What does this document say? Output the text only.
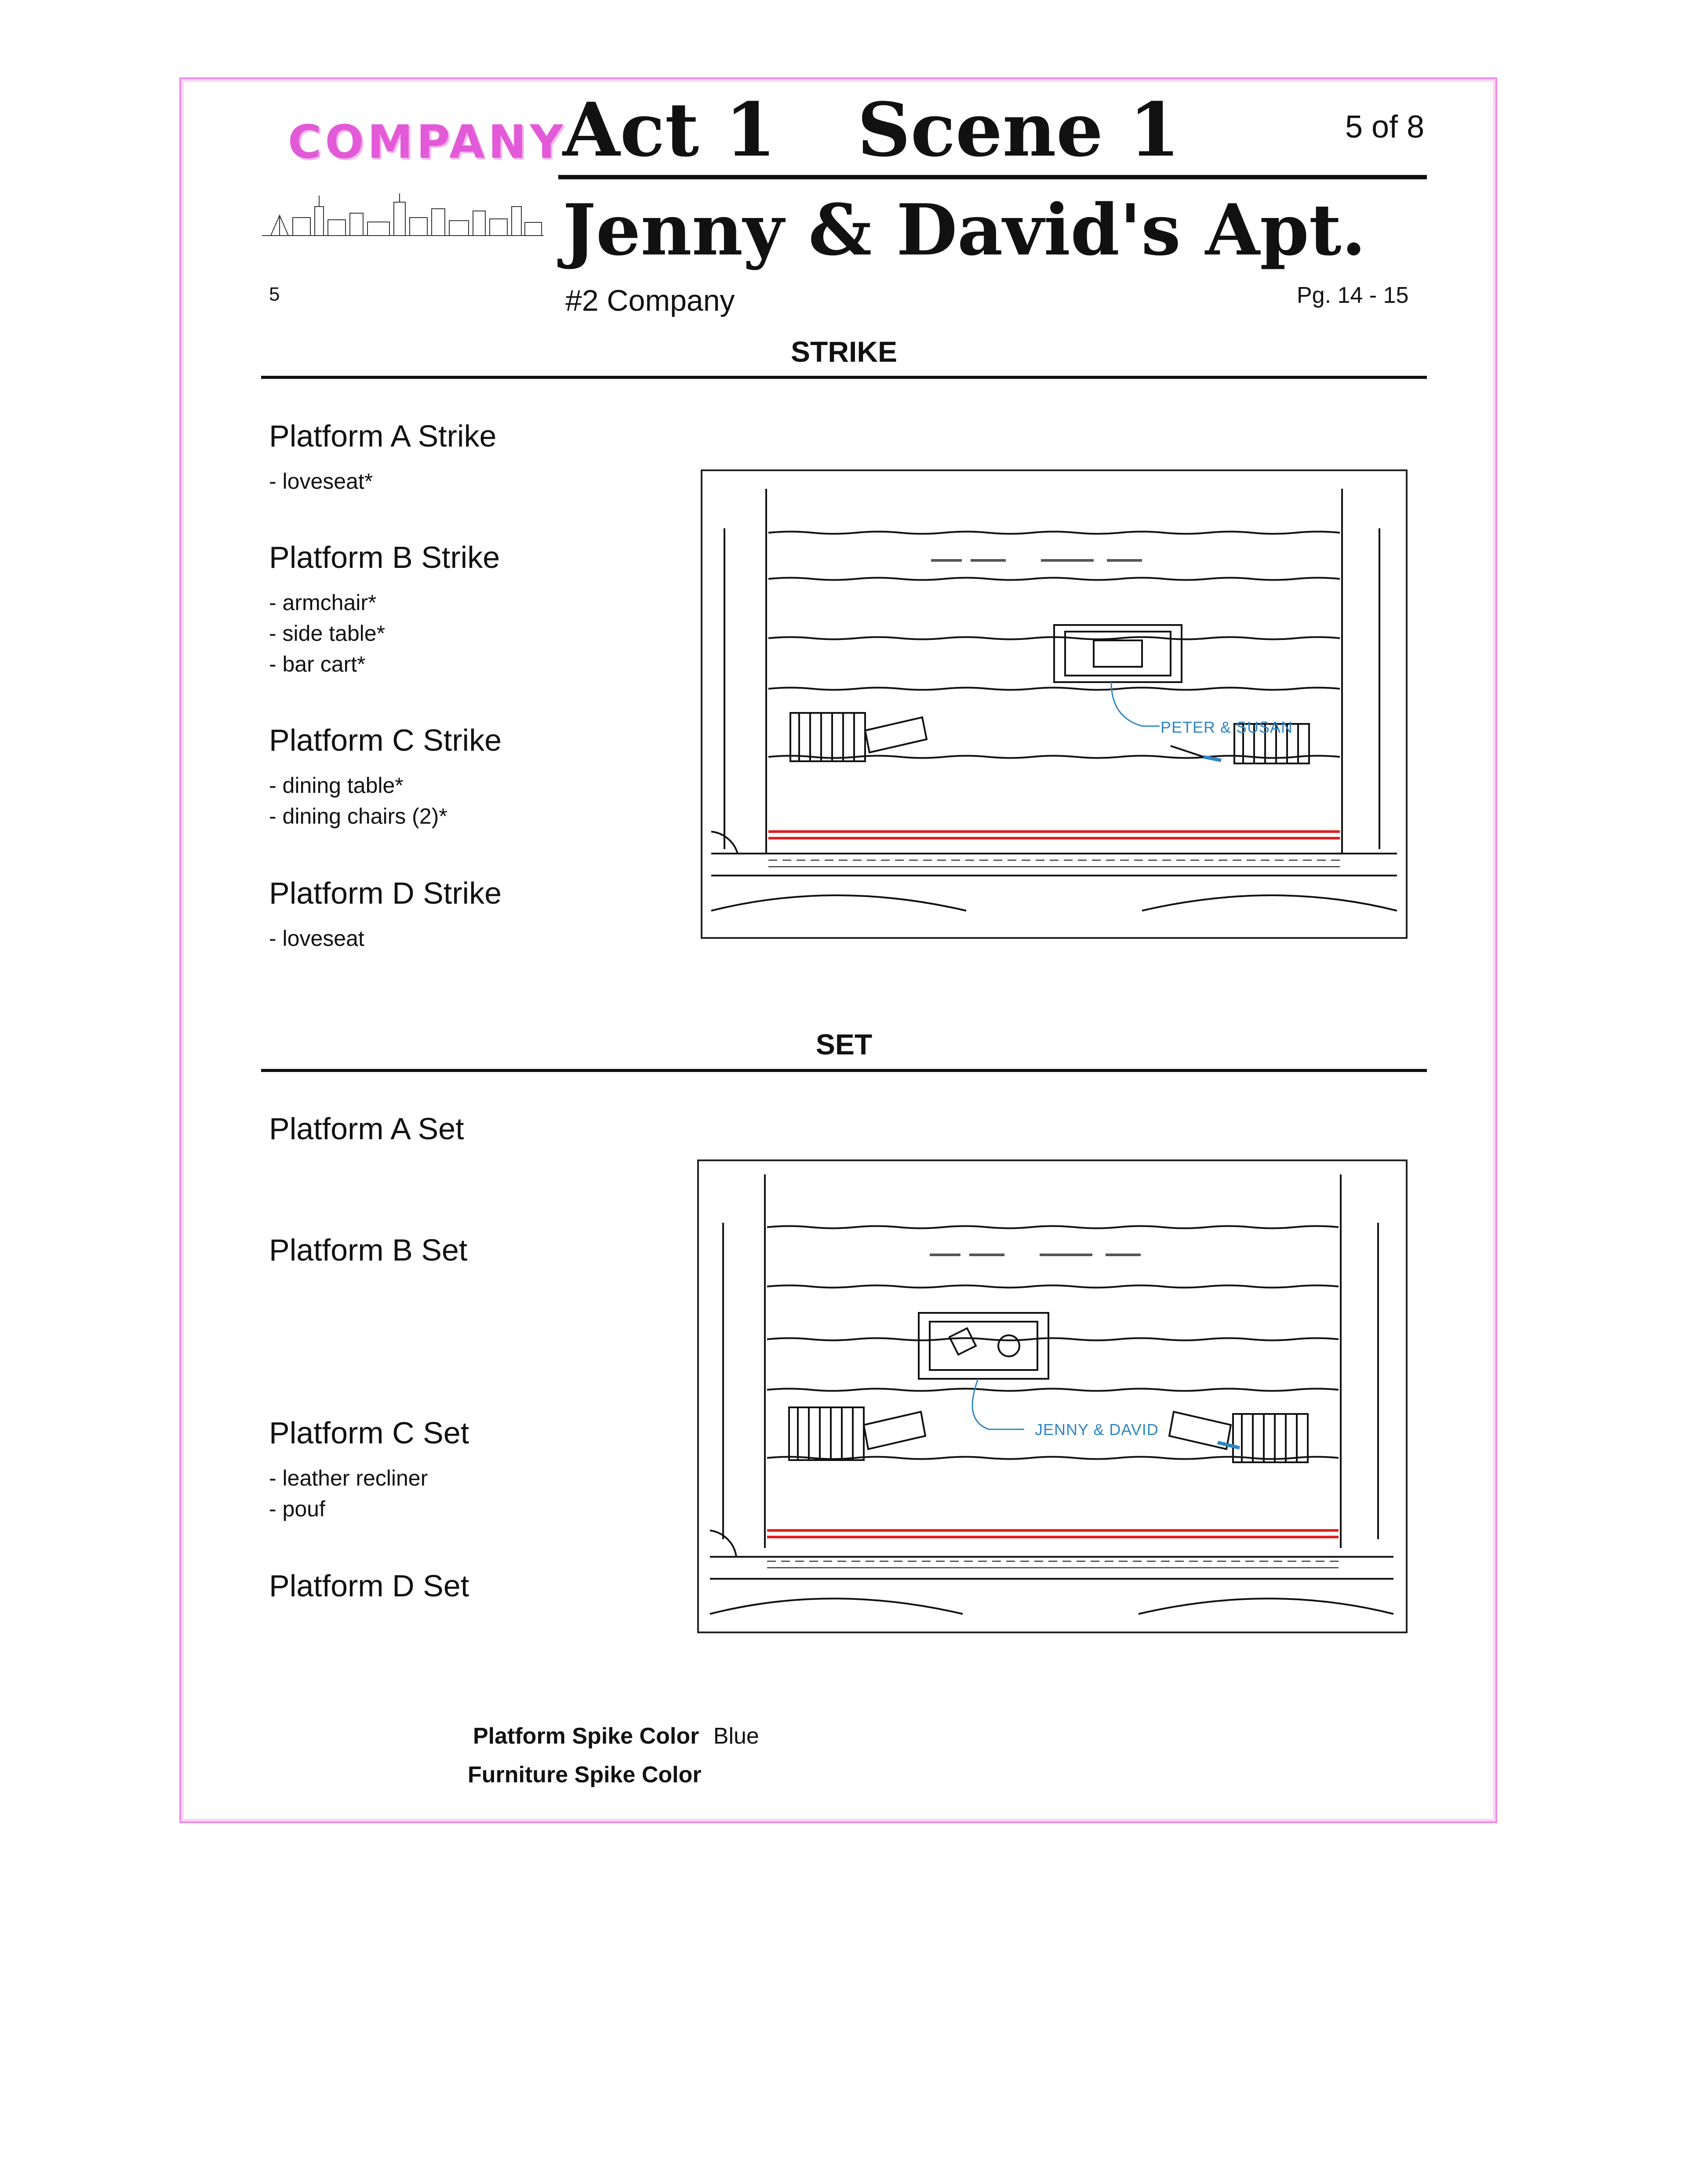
COMPANY
Act 1 Scene 1	5 of 8
Jenny & David's Apt.
5	#2 Company	Pg. 14 - 15
STRIKE
Platform A Strike
- loveseat*
Platform B Strike
- armchair*
- side table*
- bar cart*
Platform C Strike
- dining table*
- dining chairs (2)*
Platform D Strike
- loveseat
PETER & SUSAN
SET
Platform A Set
Platform B Set
Platform C Set
- leather recliner
- pouf
Platform D Set
JENNY & DAVID
Platform Spike Color Blue
Furniture Spike Color
